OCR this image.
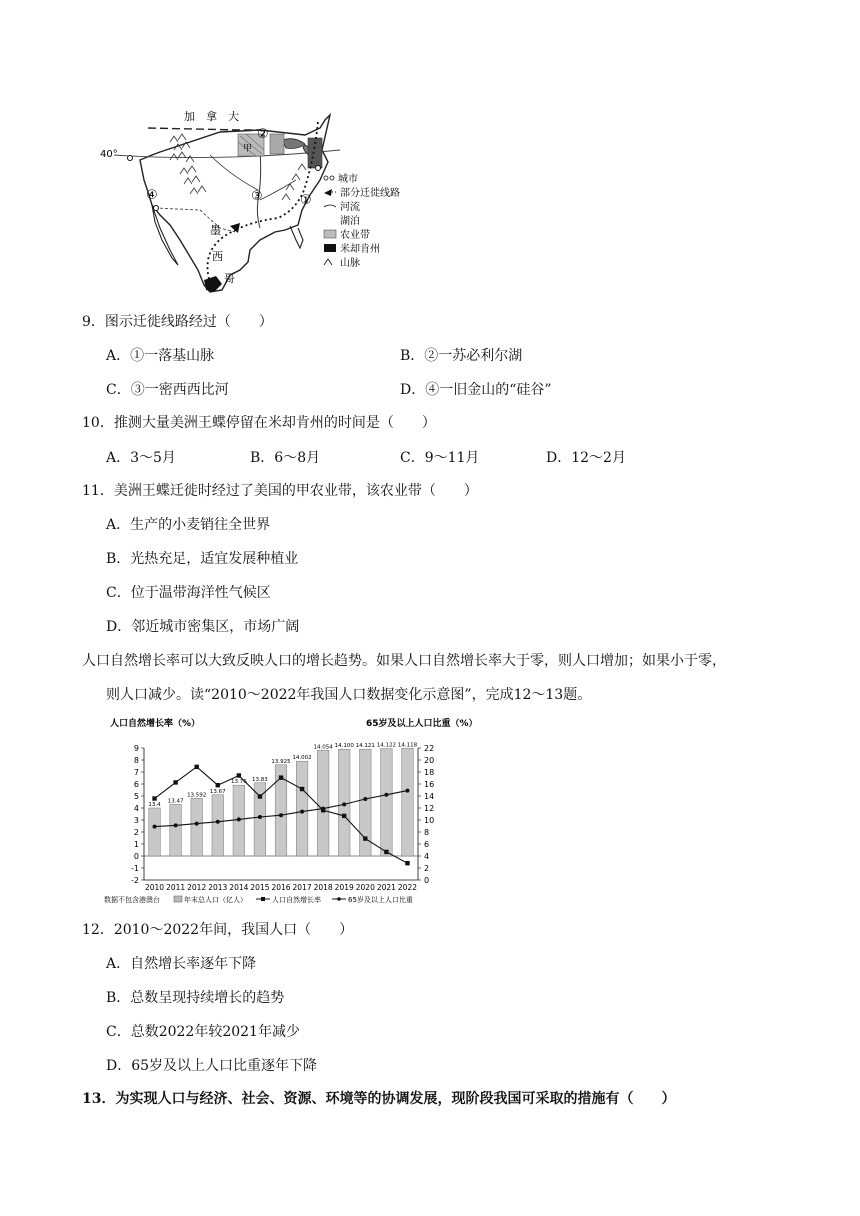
②
甲
③	①
④
加　拿　大
40°
墨
西
哥
城市
部分迁徙线路
河流
湖泊
农业带
米却肯州
山脉
9．图示迁徙线路经过（　　）
A．①一落基山脉	B．②一苏必利尔湖
C．③一密西西比河	D．④一旧金山的“硅谷”
10．推测大量美洲王蝶停留在米却肯州的时间是（　　）
A．3～5月	B．6～8月	C．9～11月	D．12～2月
11．美洲王蝶迁徙时经过了美国的甲农业带，该农业带（　　）
A．生产的小麦销往全世界
B．光热充足，适宜发展种植业
C．位于温带海洋性气候区
D．邻近城市密集区，市场广阔
人口自然增长率可以大致反映人口的增长趋势。如果人口自然增长率大于零，则人口增加；如果小于零，
则人口减少。读“2010～2022年我国人口数据变化示意图”，完成12～13题。
人口自然增长率（%）	65岁及以上人口比重（%）
13.4
13.47
13.592
13.67
13.76 13.83
13.925
14.002
14.054 14.100 14.121 14.122 14.118
9
8
7
6
5
4
3
2
1
0
-1
-2
22
20
18
16
14
12
10
8
6
4
2
0
2010 2011 2012 2013 2014 2015 2016 2017 2018 2019 2020 2021 2022
数据不包含港澳台	年末总人口（亿人）	人口自然增长率	65岁及以上人口比重
12．2010～2022年间，我国人口（　　）
A．自然增长率逐年下降
B．总数呈现持续增长的趋势
C．总数2022年较2021年减少
D．65岁及以上人口比重逐年下降
13．为实现人口与经济、社会、资源、环境等的协调发展，现阶段我国可采取的措施有（　　）
